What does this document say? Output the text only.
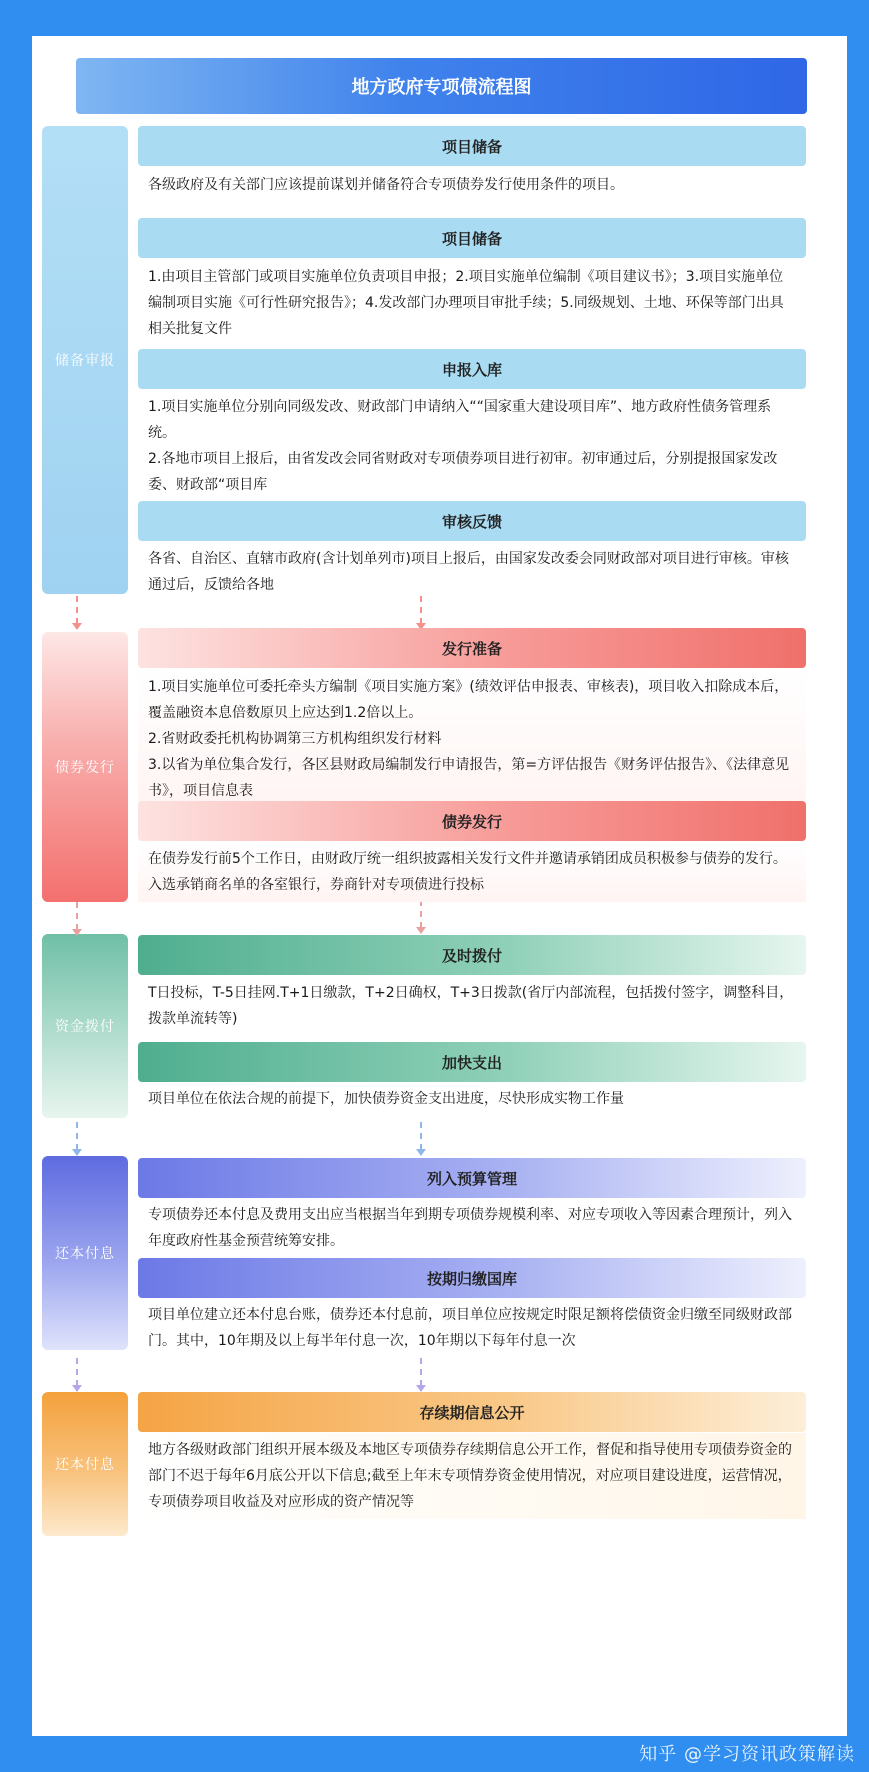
地方政府专项债流程图
储备审报
债券发行
资金拨付
还本付息
还本付息
项目储备

各级政府及有关部门应该提前谋划并储备符合专项债券发行使用条件的项目。

项目储备

1.由项目主管部门或项目实施单位负责项目申报；2.项目实施单位编制《项目建议书》；3.项目实施单位编制项目实施《可行性研究报告》；4.发改部门办理项目审批手续；5.同级规划、土地、环保等部门出具相关批复文件

申报入库

1.项目实施单位分别向同级发改、财政部门申请纳入““国家重大建设项目库”、地方政府性债务管理系统。

2.各地市项目上报后，由省发改会同省财政对专项债券项目进行初审。初审通过后，分别提报国家发改委、财政部“项目库

审核反馈

各省、自治区、直辖市政府(含计划单列市)项目上报后，由国家发改委会同财政部对项目进行审核。审核通过后，反馈给各地

发行准备

1.项目实施单位可委托牵头方编制《项目实施方案》(绩效评估申报表、审核表)，项目收入扣除成本后，覆盖融资本息倍数原贝上应达到1.2倍以上。

2.省财政委托机构协调第三方机构组织发行材料

3.以省为单位集合发行，各区县财政局编制发行申请报告，第=方评估报告《财务评估报告》、《法律意见书》，项目信息表

债券发行

在债券发行前5个工作日，由财政厅统一组织披露相关发行文件并邀请承销团成员积极参与债券的发行。入选承销商名单的各室银行，券商针对专项债进行投标

及时拨付

T日投标，T-5日挂网.T+1日缴款，T+2日确权，T+3日拨款(省厅内部流程，包括拨付签字，调整科目，拨款单流转等)

加快支出

项目单位在依法合规的前提下，加快债券资金支出进度，尽快形成实物工作量

列入预算管理

专项债券还本付息及费用支出应当根据当年到期专项债券规模利率、对应专项收入等因素合理预计，列入年度政府性基金预营统筹安排。

按期归缴国库

项目单位建立还本付息台账，债券还本付息前，项目单位应按规定时限足额将偿债资金归缴至同级财政部门。其中，10年期及以上每半年付息一次，10年期以下每年付息一次

存续期信息公开

地方各级财政部门组织开展本级及本地区专项债券存续期信息公开工作，督促和指导使用专项债券资金的部门不迟于每年6月底公开以下信息;截至上年末专项情券资金使用情况，对应项目建设进度，运营情况，专项债券项目收益及对应形成的资产情况等

知乎 @学习资讯政策解读
